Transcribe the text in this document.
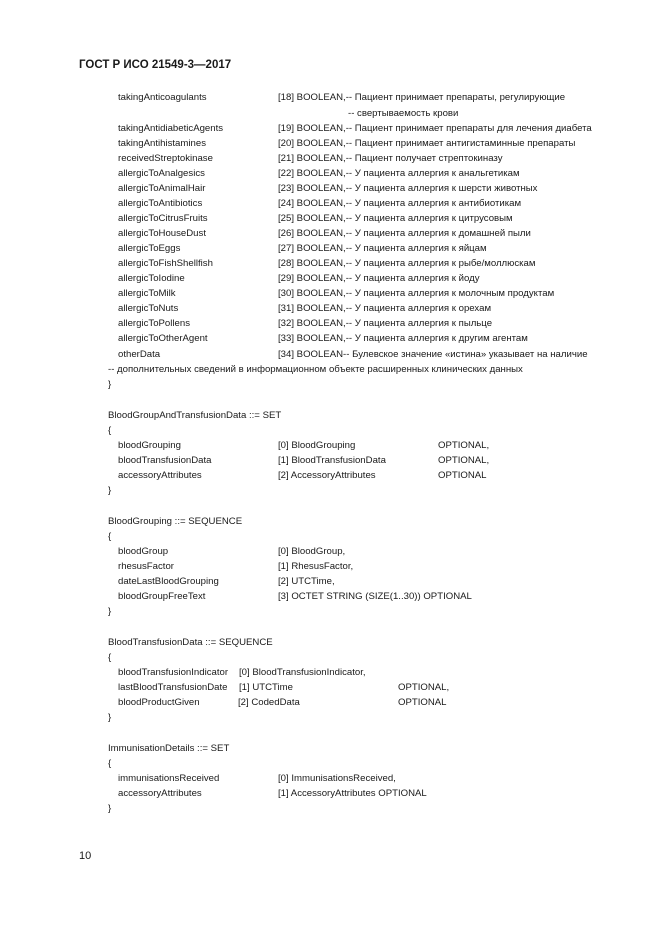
ГОСТ Р ИСО 21549-3—2017
takingAnticoagulants	[18] BOOLEAN,-- Пациент принимает препараты, регулирующие
-- свертываемость крови
takingAntidiabeticAgents	[19] BOOLEAN,-- Пациент принимает препараты для лечения диабета
takingAntihistamines	[20] BOOLEAN,-- Пациент принимает антигистаминные препараты
receivedStreptokinase	[21] BOOLEAN,-- Пациент получает стрептокиназу
allergicToAnalgesics	[22] BOOLEAN,-- У пациента аллергия к анальгетикам
allergicToAnimalHair	[23] BOOLEAN,-- У пациента аллергия к шерсти животных
allergicToAntibiotics	[24] BOOLEAN,-- У пациента аллергия к антибиотикам
allergicToCitrusFruits	[25] BOOLEAN,-- У пациента аллергия к цитрусовым
allergicToHouseDust	[26] BOOLEAN,-- У пациента аллергия к домашней пыли
allergicToEggs	[27] BOOLEAN,-- У пациента аллергия к яйцам
allergicToFishShellfish	[28] BOOLEAN,-- У пациента аллергия к рыбе/моллюскам
allergicToIodine	[29] BOOLEAN,-- У пациента аллергия к йоду
allergicToMilk	[30] BOOLEAN,-- У пациента аллергия к молочным продуктам
allergicToNuts	[31] BOOLEAN,-- У пациента аллергия к орехам
allergicToPollens	[32] BOOLEAN,-- У пациента аллергия к пыльце
allergicToOtherAgent	[33] BOOLEAN,-- У пациента аллергия к другим агентам
otherData	[34] BOOLEAN-- Булевское значение «истина» указывает на наличие
-- дополнительных сведений в информационном объекте расширенных клинических данных
}
BloodGroupAndTransfusionData ::= SET
{
bloodGrouping	[0] BloodGrouping	OPTIONAL,
bloodTransfusionData	[1] BloodTransfusionData	OPTIONAL,
accessoryAttributes	[2] AccessoryAttributes	OPTIONAL
}
BloodGrouping ::= SEQUENCE
{
bloodGroup	[0] BloodGroup,
rhesusFactor	[1] RhesusFactor,
dateLastBloodGrouping	[2] UTCTime,
bloodGroupFreeText	[3] OCTET STRING (SIZE(1..30)) OPTIONAL
}
BloodTransfusionData ::= SEQUENCE
{
bloodTransfusionIndicator [0] BloodTransfusionIndicator,
lastBloodTransfusionDate [1] UTCTime	OPTIONAL,
bloodProductGiven	[2] CodedData	OPTIONAL
}
ImmunisationDetails ::= SET
{
immunisationsReceived	[0] ImmunisationsReceived,
accessoryAttributes	[1] AccessoryAttributes OPTIONAL
}
10
